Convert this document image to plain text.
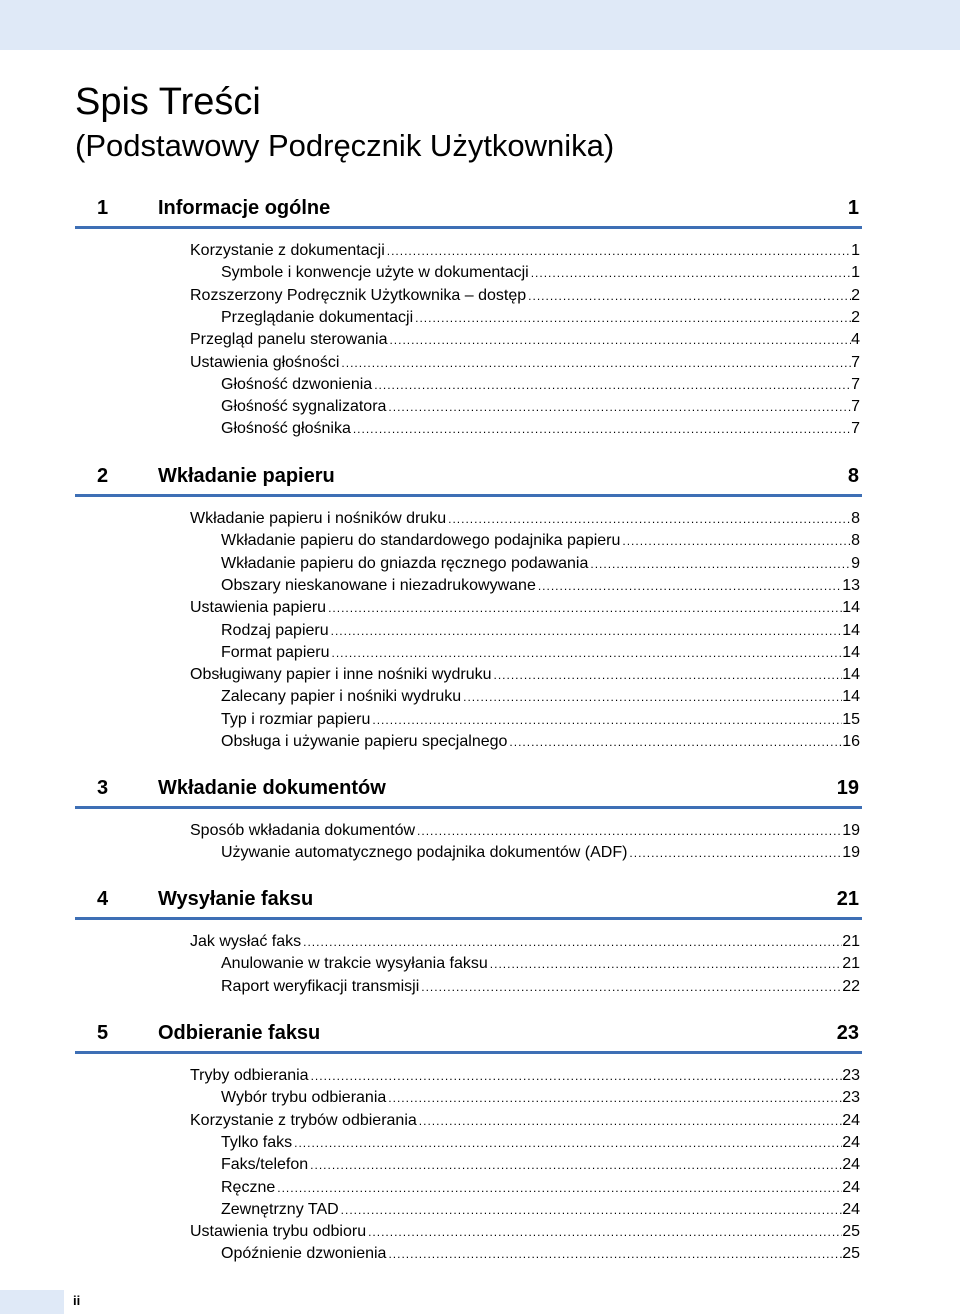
Spis Treści
(Podstawowy Podręcznik Użytkownika)
1 Informacje ogólne	1
Korzystanie z dokumentacji .....	1
Symbole i konwencje użyte w dokumentacji .....	1
Rozszerzony Podręcznik Użytkownika – dostęp .....	2
Przeglądanie dokumentacji .....	2
Przegląd panelu sterowania .....	4
Ustawienia głośności .....	7
Głośność dzwonienia .....	7
Głośność sygnalizatora .....	7
Głośność głośnika .....	7
2 Wkładanie papieru	8
Wkładanie papieru i nośników druku .....	8
Wkładanie papieru do standardowego podajnika papieru .....	8
Wkładanie papieru do gniazda ręcznego podawania .....	9
Obszary nieskanowane i niezadrukowywane .....	13
Ustawienia papieru .....	14
Rodzaj papieru .....	14
Format papieru .....	14
Obsługiwany papier i inne nośniki wydruku .....	14
Zalecany papier i nośniki wydruku .....	14
Typ i rozmiar papieru .....	15
Obsługa i używanie papieru specjalnego .....	16
3 Wkładanie dokumentów	19
Sposób wkładania dokumentów .....	19
Używanie automatycznego podajnika dokumentów (ADF) .....	19
4 Wysyłanie faksu	21
Jak wysłać faks .....	21
Anulowanie w trakcie wysyłania faksu .....	21
Raport weryfikacji transmisji .....	22
5 Odbieranie faksu	23
Tryby odbierania .....	23
Wybór trybu odbierania .....	23
Korzystanie z trybów odbierania .....	24
Tylko faks .....	24
Faks/telefon .....	24
Ręczne .....	24
Zewnętrzny TAD .....	24
Ustawienia trybu odbioru .....	25
Opóźnienie dzwonienia .....	25
ii
